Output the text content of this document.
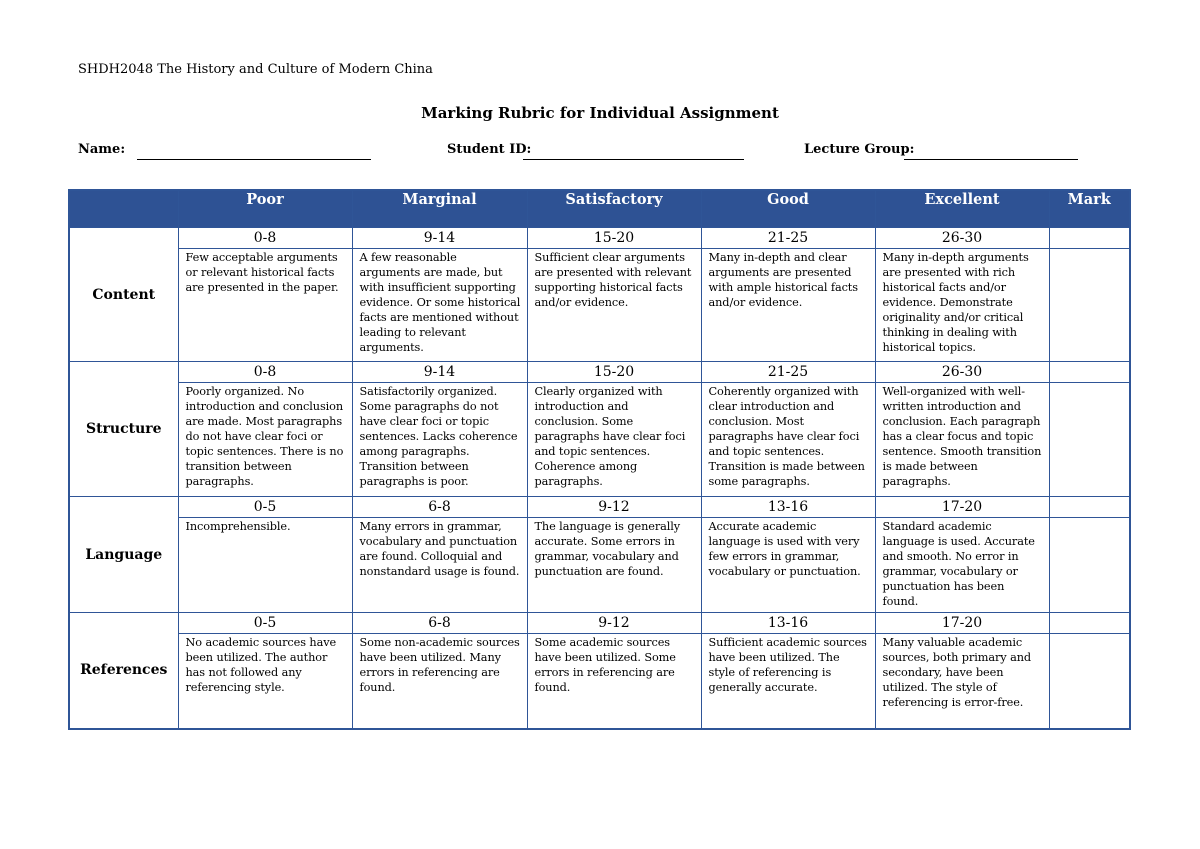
SHDH2048 The History and Culture of Modern China
Marking Rubric for Individual Assignment
Name:	Student ID:	Lecture Group:
	Poor	Marginal	Satisfactory	Good	Excellent	Mark
Content	0-8	9-14	15-20	21-25	26-30	
	Few acceptable arguments or relevant historical facts are presented in the paper.	A few reasonable arguments are made, but with insufficient supporting evidence. Or some historical facts are mentioned without leading to relevant arguments.	Sufficient clear arguments are presented with relevant supporting historical facts and/or evidence.	Many in-depth and clear arguments are presented with ample historical facts and/or evidence.	Many in-depth arguments are presented with rich historical facts and/or evidence. Demonstrate originality and/or critical thinking in dealing with historical topics.	
Structure	0-8	9-14	15-20	21-25	26-30	
	Poorly organized. No introduction and conclusion are made. Most paragraphs do not have clear foci or topic sentences. There is no transition between paragraphs.	Satisfactorily organized. Some paragraphs do not have clear foci or topic sentences. Lacks coherence among paragraphs. Transition between paragraphs is poor.	Clearly organized with introduction and conclusion. Some paragraphs have clear foci and topic sentences. Coherence among paragraphs.	Coherently organized with clear introduction and conclusion. Most paragraphs have clear foci and topic sentences. Transition is made between some paragraphs.	Well-organized with well-written introduction and conclusion. Each paragraph has a clear focus and topic sentence. Smooth transition is made between paragraphs.	
Language	0-5	6-8	9-12	13-16	17-20	
	Incomprehensible.	Many errors in grammar, vocabulary and punctuation are found. Colloquial and nonstandard usage is found.	The language is generally accurate. Some errors in grammar, vocabulary and punctuation are found.	Accurate academic language is used with very few errors in grammar, vocabulary or punctuation.	Standard academic language is used. Accurate and smooth. No error in grammar, vocabulary or punctuation has been found.	
References	0-5	6-8	9-12	13-16	17-20	
	No academic sources have been utilized. The author has not followed any referencing style.	Some non-academic sources have been utilized. Many errors in referencing are found.	Some academic sources have been utilized. Some errors in referencing are found.	Sufficient academic sources have been utilized. The style of referencing is generally accurate.	Many valuable academic sources, both primary and secondary, have been utilized. The style of referencing is error-free.	
